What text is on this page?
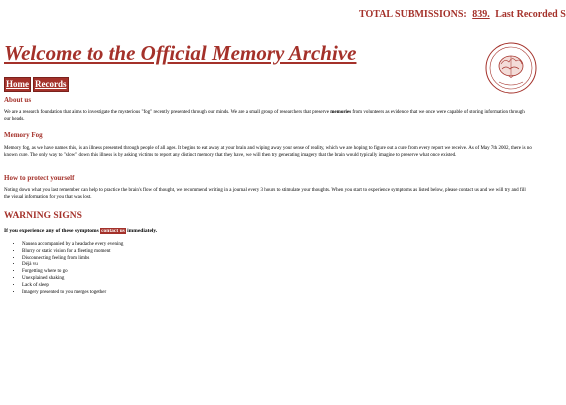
TOTAL SUBMISSIONS: 839. Last Recorded S
Welcome to the Official Memory Archive
Home Records
About us

We are a research foundation that aims to investigate the mysterious "fog" recently presented through our minds. We are a small group of researchers that preserve memories from volunteers as evidence that we once were capable of storing information through our heads.

Memory Fog

Memory fog, as we have names this, is an illness presented through people of all ages. It begins to eat away at your brain and wiping away your sense of reality, which we are hoping to figure out a cure from every report we receive. As of May 7th 2002, there is no known cure. The only way to "slow" down this illness is by asking victims to report any distinct memory that they have, we will then try generating imagery that the brain would typically imagine to preserve what once existed.

How to protect yourself

Noting down what you last remember can help to practice the brain's flow of thought, we recommend writing in a journal every 3 hours to stimulate your thoughts. When you start to experience symptoms as listed below, please contact us and we will try and fill the visual information for you that was lost.

WARNING SIGNS
If you experience any of these symptoms contact us immediately.
• Nausea accompanied by a headache every evening
• Blurry or static vision for a fleeting moment
• Disconnecting feeling from limbs
• Déjà vu
• Forgetting where to go
• Unexplained shaking
• Lack of sleep
• Imagery presented to you merges together
